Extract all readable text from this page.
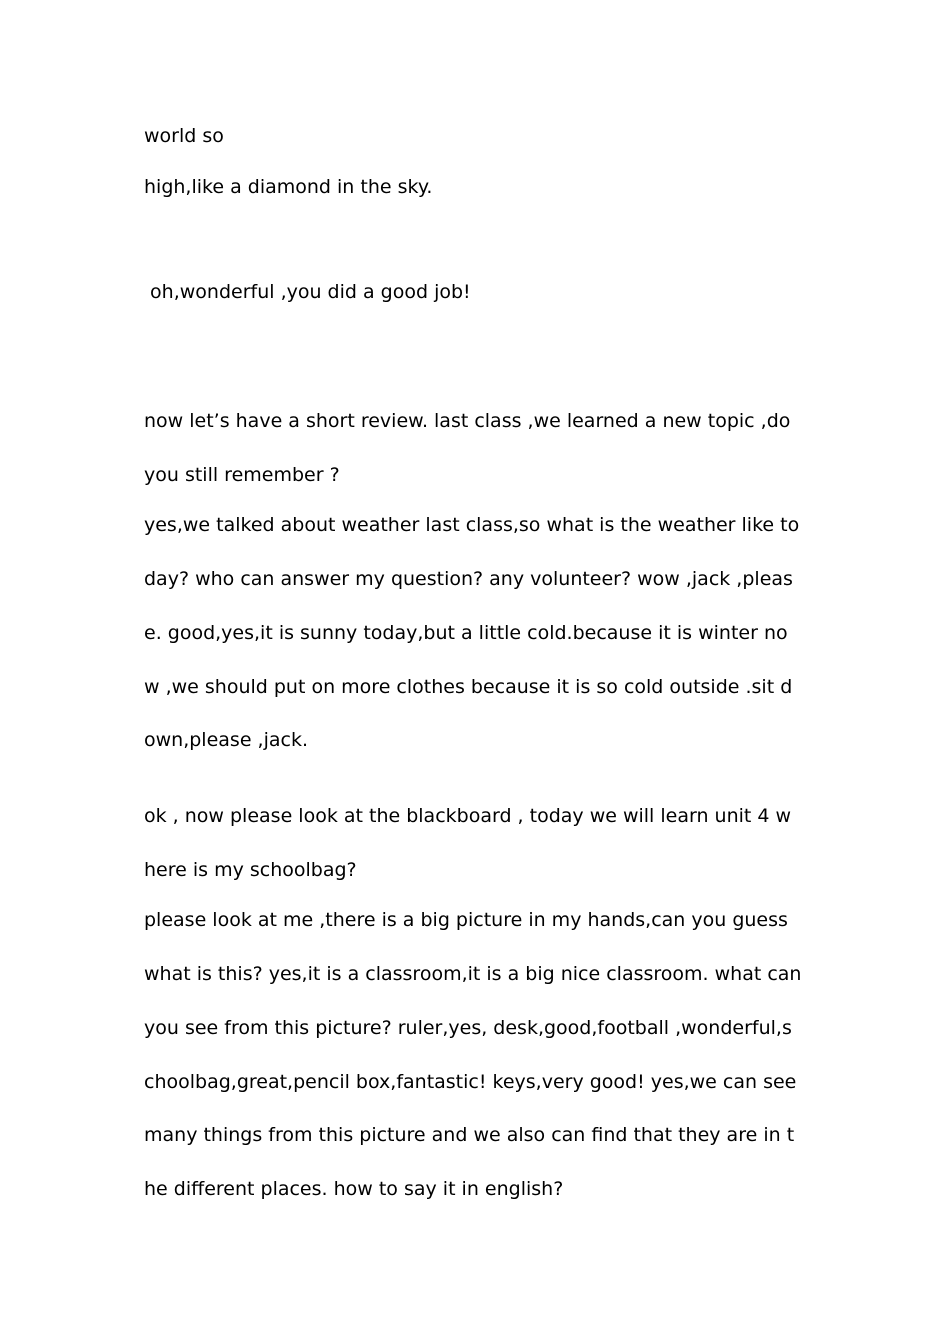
world so
high,like a diamond in the sky.
oh,wonderful ,you did a good job!
now let’s have a short review. last class ,we learned a new topic ,do
you still remember ?
yes,we talked about weather last class,so what is the weather like to
day? who can answer my question? any volunteer? wow ,jack ,pleas
e. good,yes,it is sunny today,but a little cold.because it is winter no
w ,we should put on more clothes because it is so cold outside .sit d
own,please ,jack.
ok , now please look at the blackboard , today we will learn unit 4 w
here is my schoolbag?
please look at me ,there is a big picture in my hands,can you guess
what is this? yes,it is a classroom,it is a big nice classroom. what can
you see from this picture? ruler,yes, desk,good,football ,wonderful,s
choolbag,great,pencil box,fantastic! keys,very good! yes,we can see
many things from this picture and we also can find that they are in t
he different places. how to say it in english?
